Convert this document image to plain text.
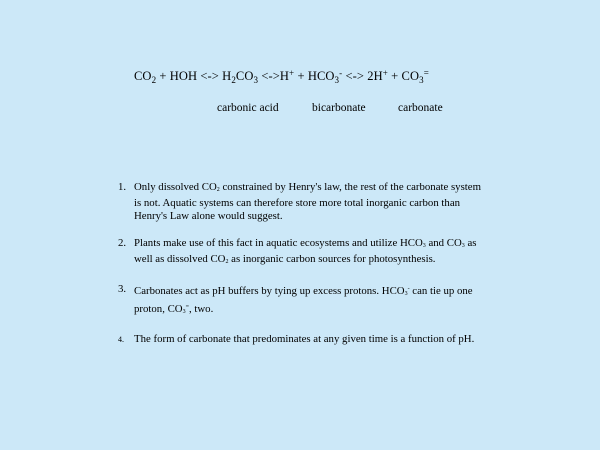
$CO_2$ + HOH <-> $H_2CO_3 <->H^+ + HCO_3^-$ <-> $2H^+ + CO_3^=$
carbonic acid	bicarbonate	carbonate
1. Only dissolved $CO_2$ constrained by Henry's law, the rest of the carbonate system is not. Aquatic systems can therefore store more total inorganic carbon than Henry's Law alone would suggest.
2. Plants make use of this fact in aquatic ecosystems and utilize $HCO_3$ and $CO_3$ as well as dissolved $CO_2$ as inorganic carbon sources for photosynthesis.
3. Carbonates act as pH buffers by tying up excess protons. $HCO_3^-$ can tie up one proton, $CO_3^=$, two.
4. The form of carbonate that predominates at any given time is a function of pH.
